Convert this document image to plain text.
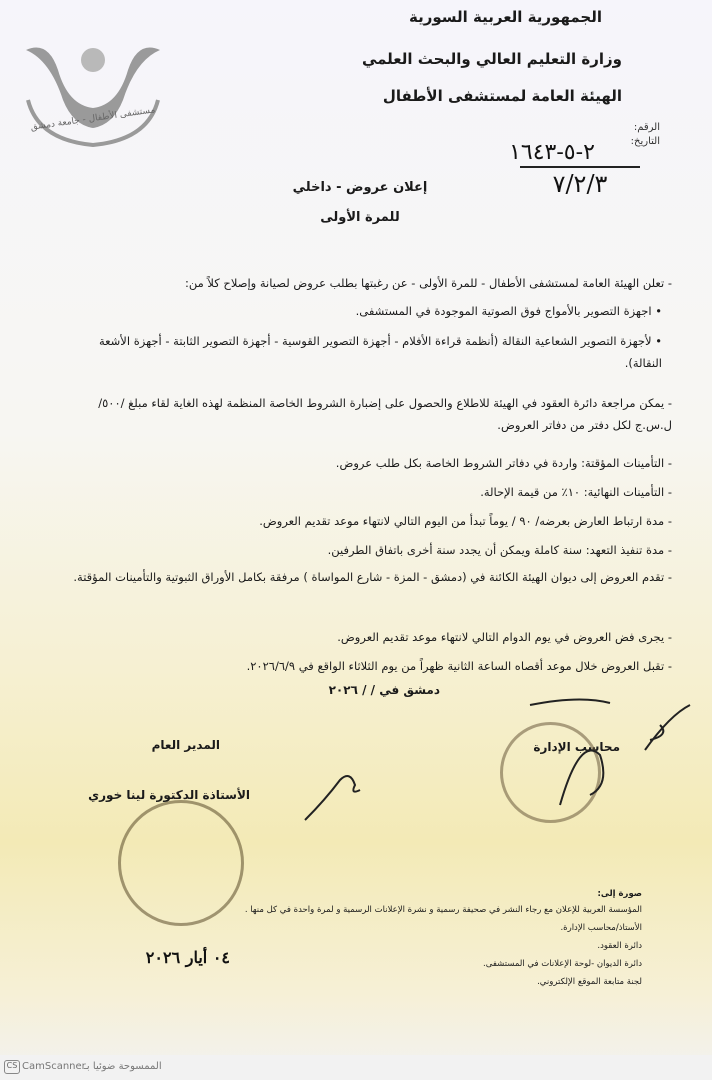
مستشفى الأطفال - جامعة دمشق
الجمهورية العربية السورية
وزارة التعليم العالي والبحث العلمي
الهيئة العامة لمستشفى الأطفال
الرقم:
التاريخ:
٢-٥-١٦٤٣
٧/٢/٣
إعلان عروض - داخلي
للمرة الأولى
- تعلن الهيئة العامة لمستشفى الأطفال - للمرة الأولى - عن رغبتها بطلب عروض لصيانة وإصلاح كلاً من:
• اجهزة التصوير بالأمواج فوق الصوتية الموجودة في المستشفى.
• لأجهزة التصوير الشعاعية النقالة (أنظمة قراءة الأفلام - أجهزة التصوير القوسية - أجهزة التصوير الثابتة - أجهزة الأشعة النقالة).
- يمكن مراجعة دائرة العقود في الهيئة للاطلاع والحصول على إضبارة الشروط الخاصة المنظمة لهذه الغاية لقاء مبلغ /٥٠٠/ ل.س.ج لكل دفتر من دفاتر العروض.
- التأمينات المؤقتة: واردة في دفاتر الشروط الخاصة بكل طلب عروض.
- التأمينات النهائية: ١٠٪ من قيمة الإحالة.
- مدة ارتباط العارض بعرضه/ ٩٠ / يوماً تبدأ من اليوم التالي لانتهاء موعد تقديم العروض.
- مدة تنفيذ التعهد: سنة كاملة ويمكن أن يجدد سنة أخرى باتفاق الطرفين.
- تقدم العروض إلى ديوان الهيئة الكائنة في (دمشق - المزة - شارع المواساة ) مرفقة بكامل الأوراق الثبوتية والتأمينات المؤقتة.
- يجرى فض العروض في يوم الدوام التالي لانتهاء موعد تقديم العروض.
- تقبل العروض خلال موعد أقصاه الساعة الثانية ظهراً من يوم الثلاثاء الواقع في ٢٠٢٦/٦/٩.
دمشق في / / ٢٠٢٦
محاسب الإدارة
المدير العام
الأستاذة الدكتورة لينا خوري
صورة إلى:
المؤسسة العربية للإعلان مع رجاء النشر في صحيفة رسمية و نشرة الإعلانات الرسمية و لمرة واحدة في كل منها .
الأستاذ/محاسب الإدارة.
دائرة العقود.
دائرة الديوان -لوحة الإعلانات في المستشفى.
لجنة متابعة الموقع الإلكتروني.
٠٤ أيار ٢٠٢٦
CS CamScanner
الممسوحة ضوئيا بـ
